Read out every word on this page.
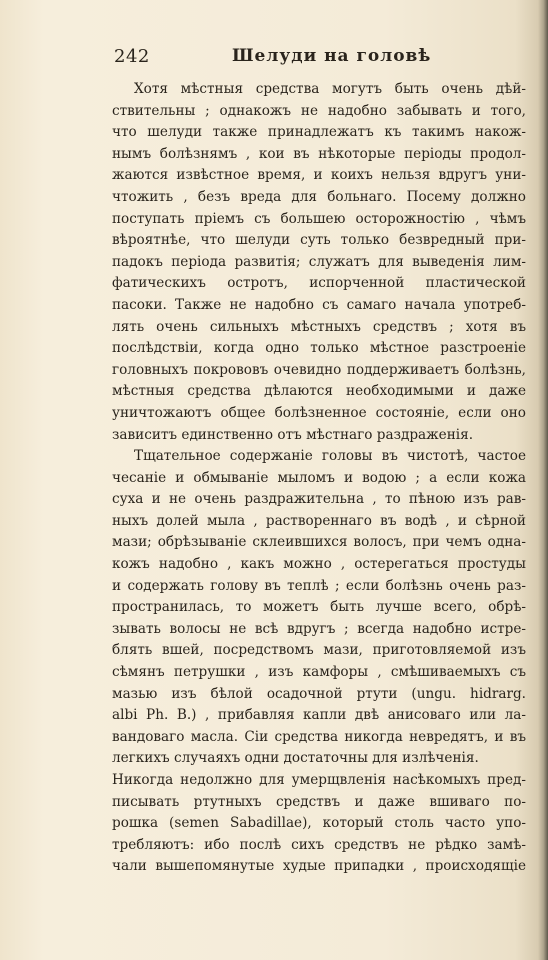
242	Шелуди на головѣ
Хотя мѣстныя средства могутъ быть очень дѣй-
ствительны ; однакожъ не надобно забывать и того,
что шелуди также принадлежатъ къ такимъ накож-
нымъ болѣзнямъ , кои въ нѣкоторые періоды продол-
жаются извѣстное время, и коихъ нельзя вдругъ уни-
чтожить , безъ вреда для больнаго. Посему должно
поступать прiемъ съ большею осторожностію , чѣмъ
вѣроятнѣе, что шелуди суть только безвредный при-
падокъ періода развитія; служатъ для выведенія лим-
фатическихъ остротъ, испорченной пластической
пасоки. Также не надобно съ самаго начала употреб-
лять очень сильныхъ мѣстныхъ средствъ ; хотя въ
послѣдствіи, когда одно только мѣстное разстроеніе
головныхъ покрововъ очевидно поддерживаетъ болѣзнь,
мѣстныя средства дѣлаются необходимыми и даже
уничтожаютъ общее болѣзненное состояніе, если оно
зависитъ единственно отъ мѣстнаго раздраженія.
Тщательное содержаніе головы въ чистотѣ, частое
чесаніе и обмываніе мыломъ и водою ; а если кожа
суха и не очень раздражительна , то пѣною изъ рав-
ныхъ долей мыла , раствореннаго въ водѣ , и сѣрной
мази; обрѣзываніе склеившихся волосъ, при чемъ одна-
кожъ надобно , какъ можно , остерегаться простуды
и содержать голову въ теплѣ ; если болѣзнь очень раз-
пространилась, то можетъ быть лучше всего, обрѣ-
зывать волосы не всѣ вдругъ ; всегда надобно истре-
блять вшей, посредствомъ мази, приготовляемой изъ
сѣмянъ петрушки , изъ камфоры , смѣшиваемыхъ съ
мазью изъ бѣлой осадочной ртути (ungu. hidrarg.
albi Ph. B.) , прибавляя капли двѣ анисоваго или ла-
вандоваго масла. Сіи средства никогда невредятъ, и въ
легкихъ случаяхъ одни достаточны для излѣченія.
Никогда недолжно для умерщвленія насѣкомыхъ пред-
писывать ртутныхъ средствъ и даже вшиваго по-
рошка (semen Sabadillae), который столь часто упо-
требляютъ: ибо послѣ сихъ средствъ не рѣдко замѣ-
чали вышепомянутые худые припадки , происходящіе
